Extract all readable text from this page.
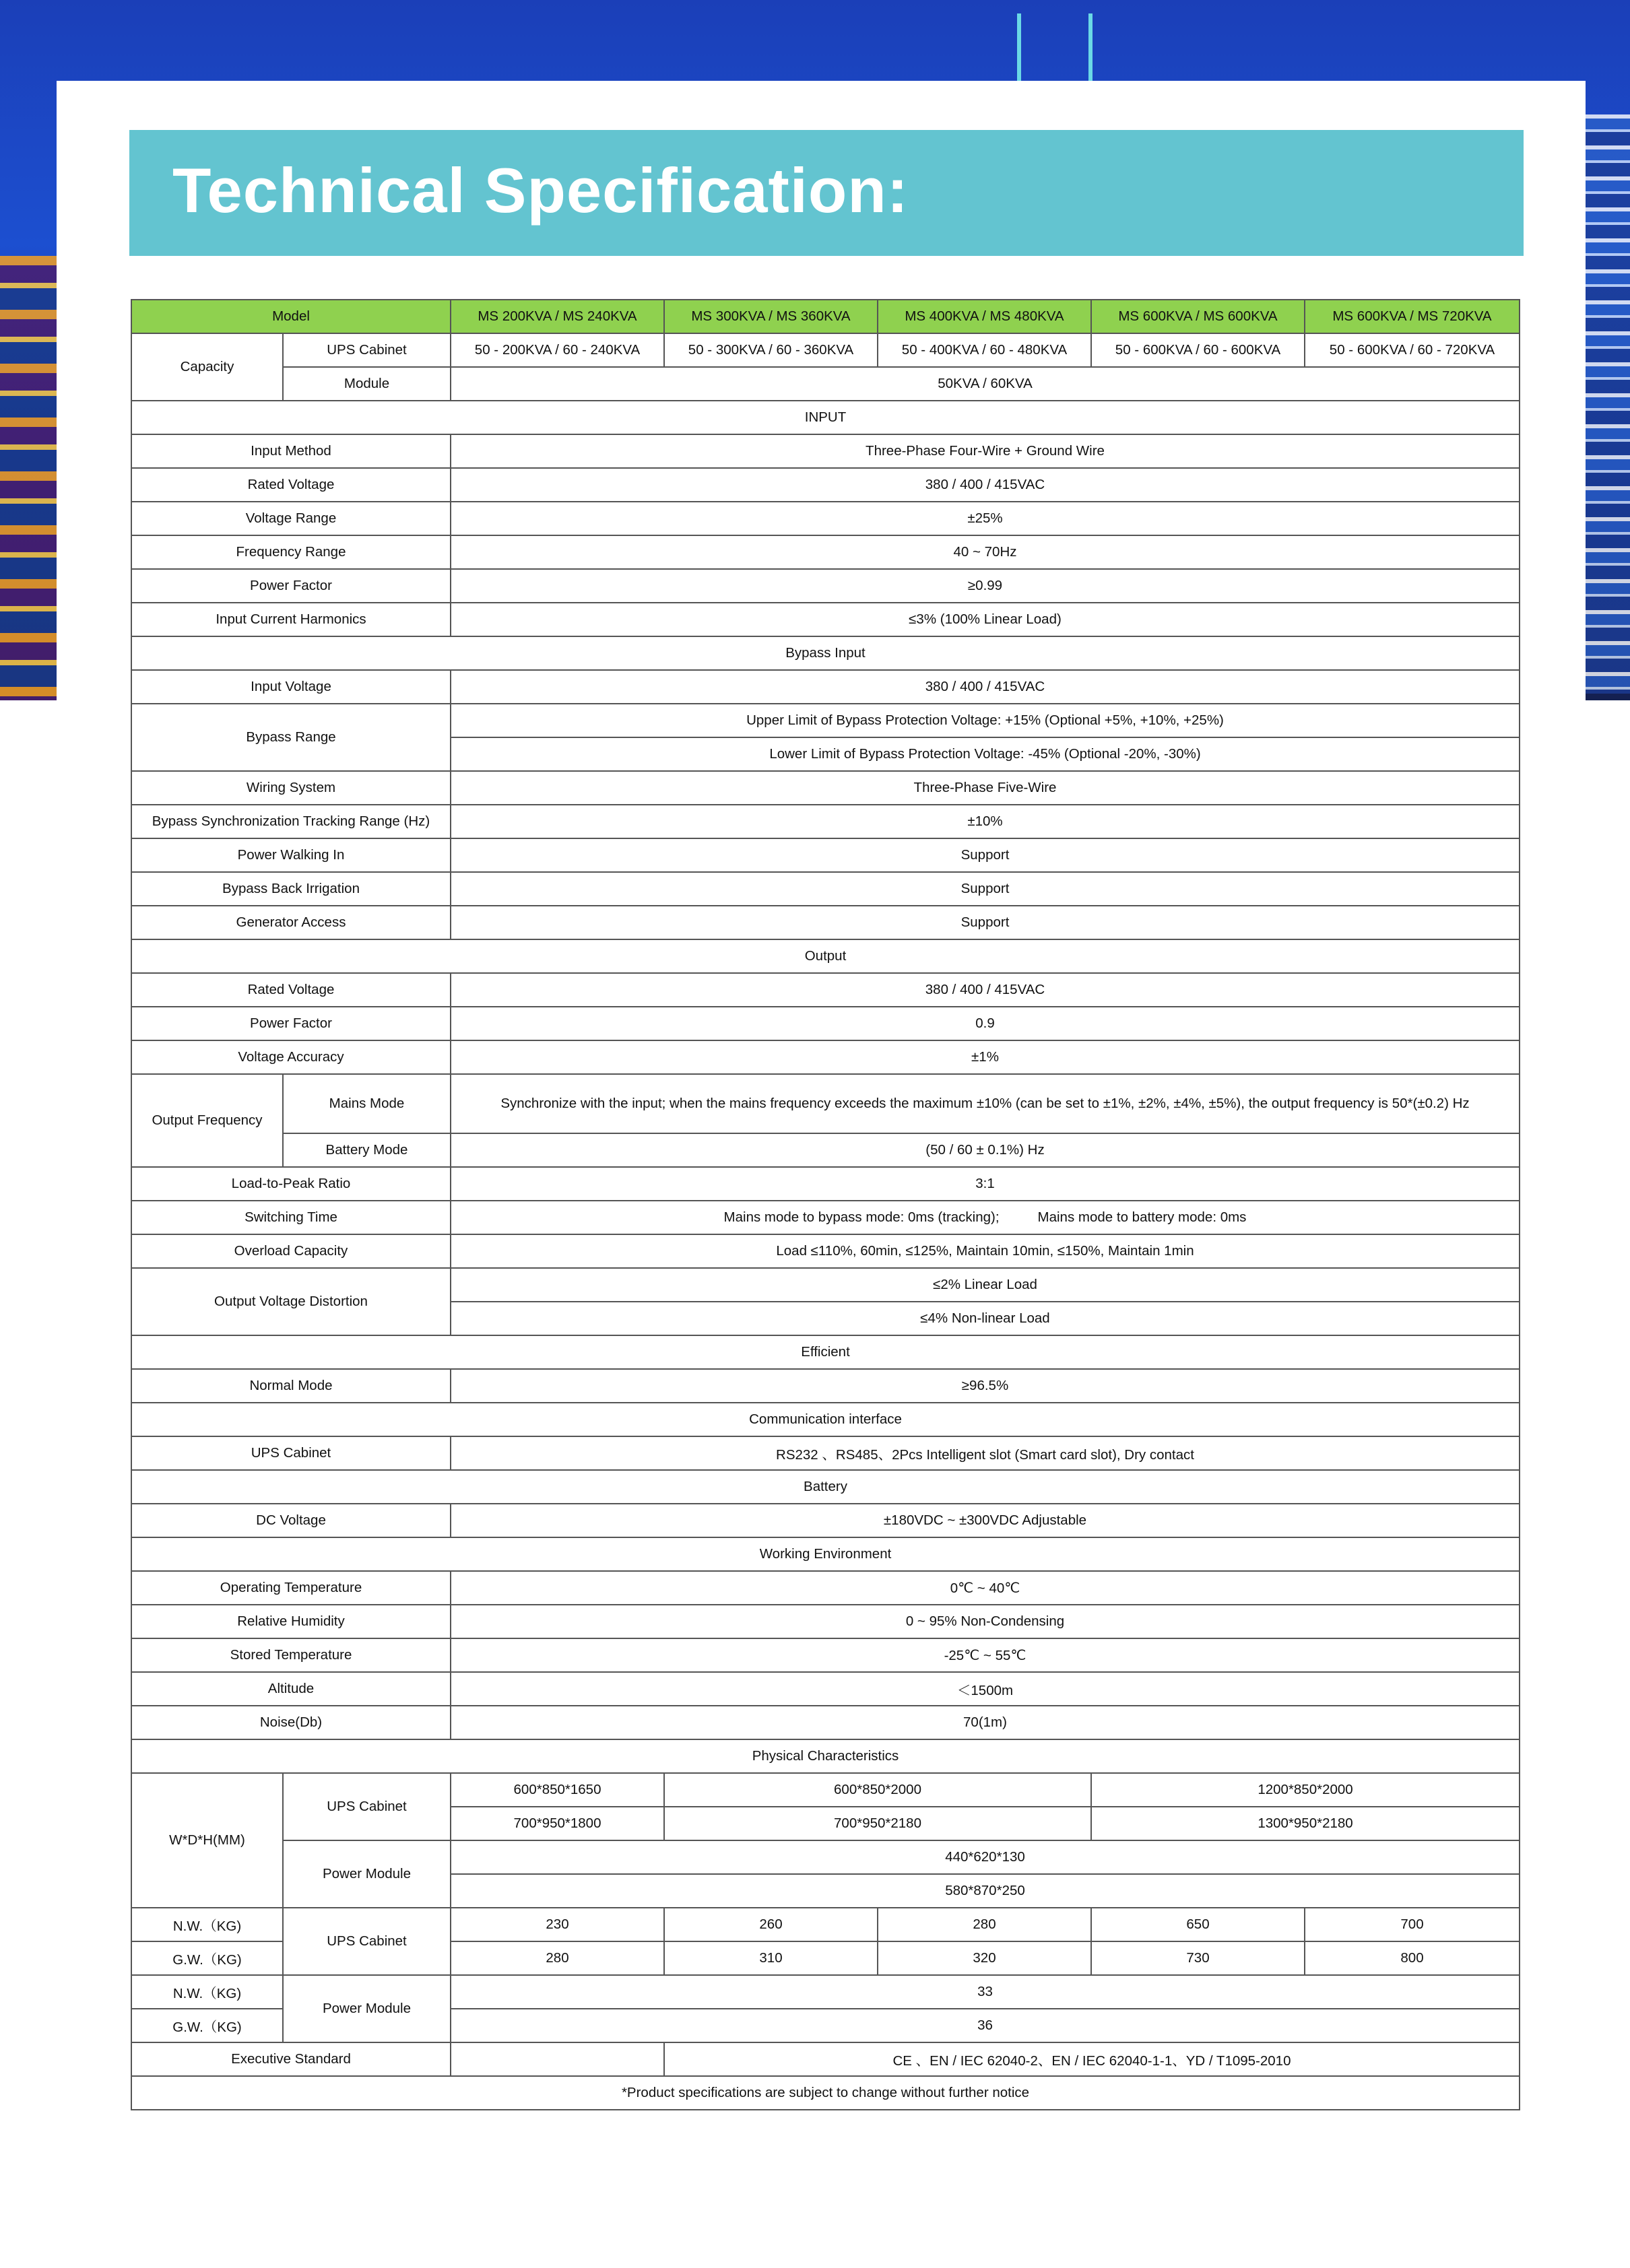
Technical Specification:
Model		MS 200KVA / MS 240KVA	MS 300KVA / MS 360KVA	MS 400KVA / MS 480KVA	MS 600KVA / MS 600KVA	MS 600KVA / MS 720KVA
Capacity	UPS Cabinet	50 - 200KVA / 60 - 240KVA	50 - 300KVA / 60 - 360KVA	50 - 400KVA / 60 - 480KVA	50 - 600KVA / 60 - 600KVA	50 - 600KVA / 60 - 720KVA
	Module	50KVA / 60KVA				
INPUT						
Input Method		Three-Phase Four-Wire + Ground Wire				
Rated Voltage		380 / 400 / 415VAC				
Voltage Range		±25%				
Frequency Range		40 ~ 70Hz				
Power Factor		≥0.99				
Input Current Harmonics		≤3% (100% Linear Load)				
Bypass Input						
Input Voltage		380 / 400 / 415VAC				
Bypass Range		Upper Limit of Bypass Protection Voltage: +15% (Optional +5%, +10%, +25%)				
		Lower Limit of Bypass Protection Voltage: -45% (Optional -20%, -30%)				
Wiring System		Three-Phase Five-Wire				
Bypass Synchronization Tracking Range (Hz)		±10%				
Power Walking In		Support				
Bypass Back Irrigation		Support				
Generator Access		Support				
Output						
Rated Voltage		380 / 400 / 415VAC				
Power Factor		0.9				
Voltage Accuracy		±1%				
Output Frequency	Mains Mode	Synchronize with the input; when the mains frequency exceeds the maximum ±10% (can be set to ±1%, ±2%, ±4%, ±5%), the output frequency is 50*(±0.2) Hz				
	Battery Mode	(50 / 60 ± 0.1%) Hz				
Load-to-Peak Ratio		3:1				
Switching Time		Mains mode to bypass mode: 0ms (tracking);          Mains mode to battery mode: 0ms				
Overload Capacity		Load ≤110%, 60min, ≤125%, Maintain 10min, ≤150%, Maintain 1min				
Output Voltage Distortion		≤2% Linear Load				
		≤4% Non-linear Load				
Efficient						
Normal Mode		≥96.5%				
Communication interface						
UPS Cabinet		RS232 、RS485、2Pcs Intelligent slot (Smart card slot), Dry contact				
Battery						
DC Voltage		±180VDC ~ ±300VDC Adjustable				
Working Environment						
Operating Temperature		0℃ ~ 40℃				
Relative Humidity		0 ~ 95% Non-Condensing				
Stored Temperature		-25℃ ~ 55℃				
Altitude		＜1500m				
Noise(Db)		70(1m)				
Physical Characteristics						
W*D*H(MM)	UPS Cabinet	600*850*1650	600*850*2000		1200*850*2000	
		700*950*1800	700*950*2180		1300*950*2180	
	Power Module	440*620*130				
		580*870*250				
N.W.（KG)	UPS Cabinet	230	260	280	650	700
G.W.（KG)		280	310	320	730	800
N.W.（KG)	Power Module	33				
G.W.（KG)		36				
Executive Standard			CE 、EN / IEC 62040-2、EN / IEC 62040-1-1、YD / T1095-2010			
*Product specifications are subject to change without further notice						
